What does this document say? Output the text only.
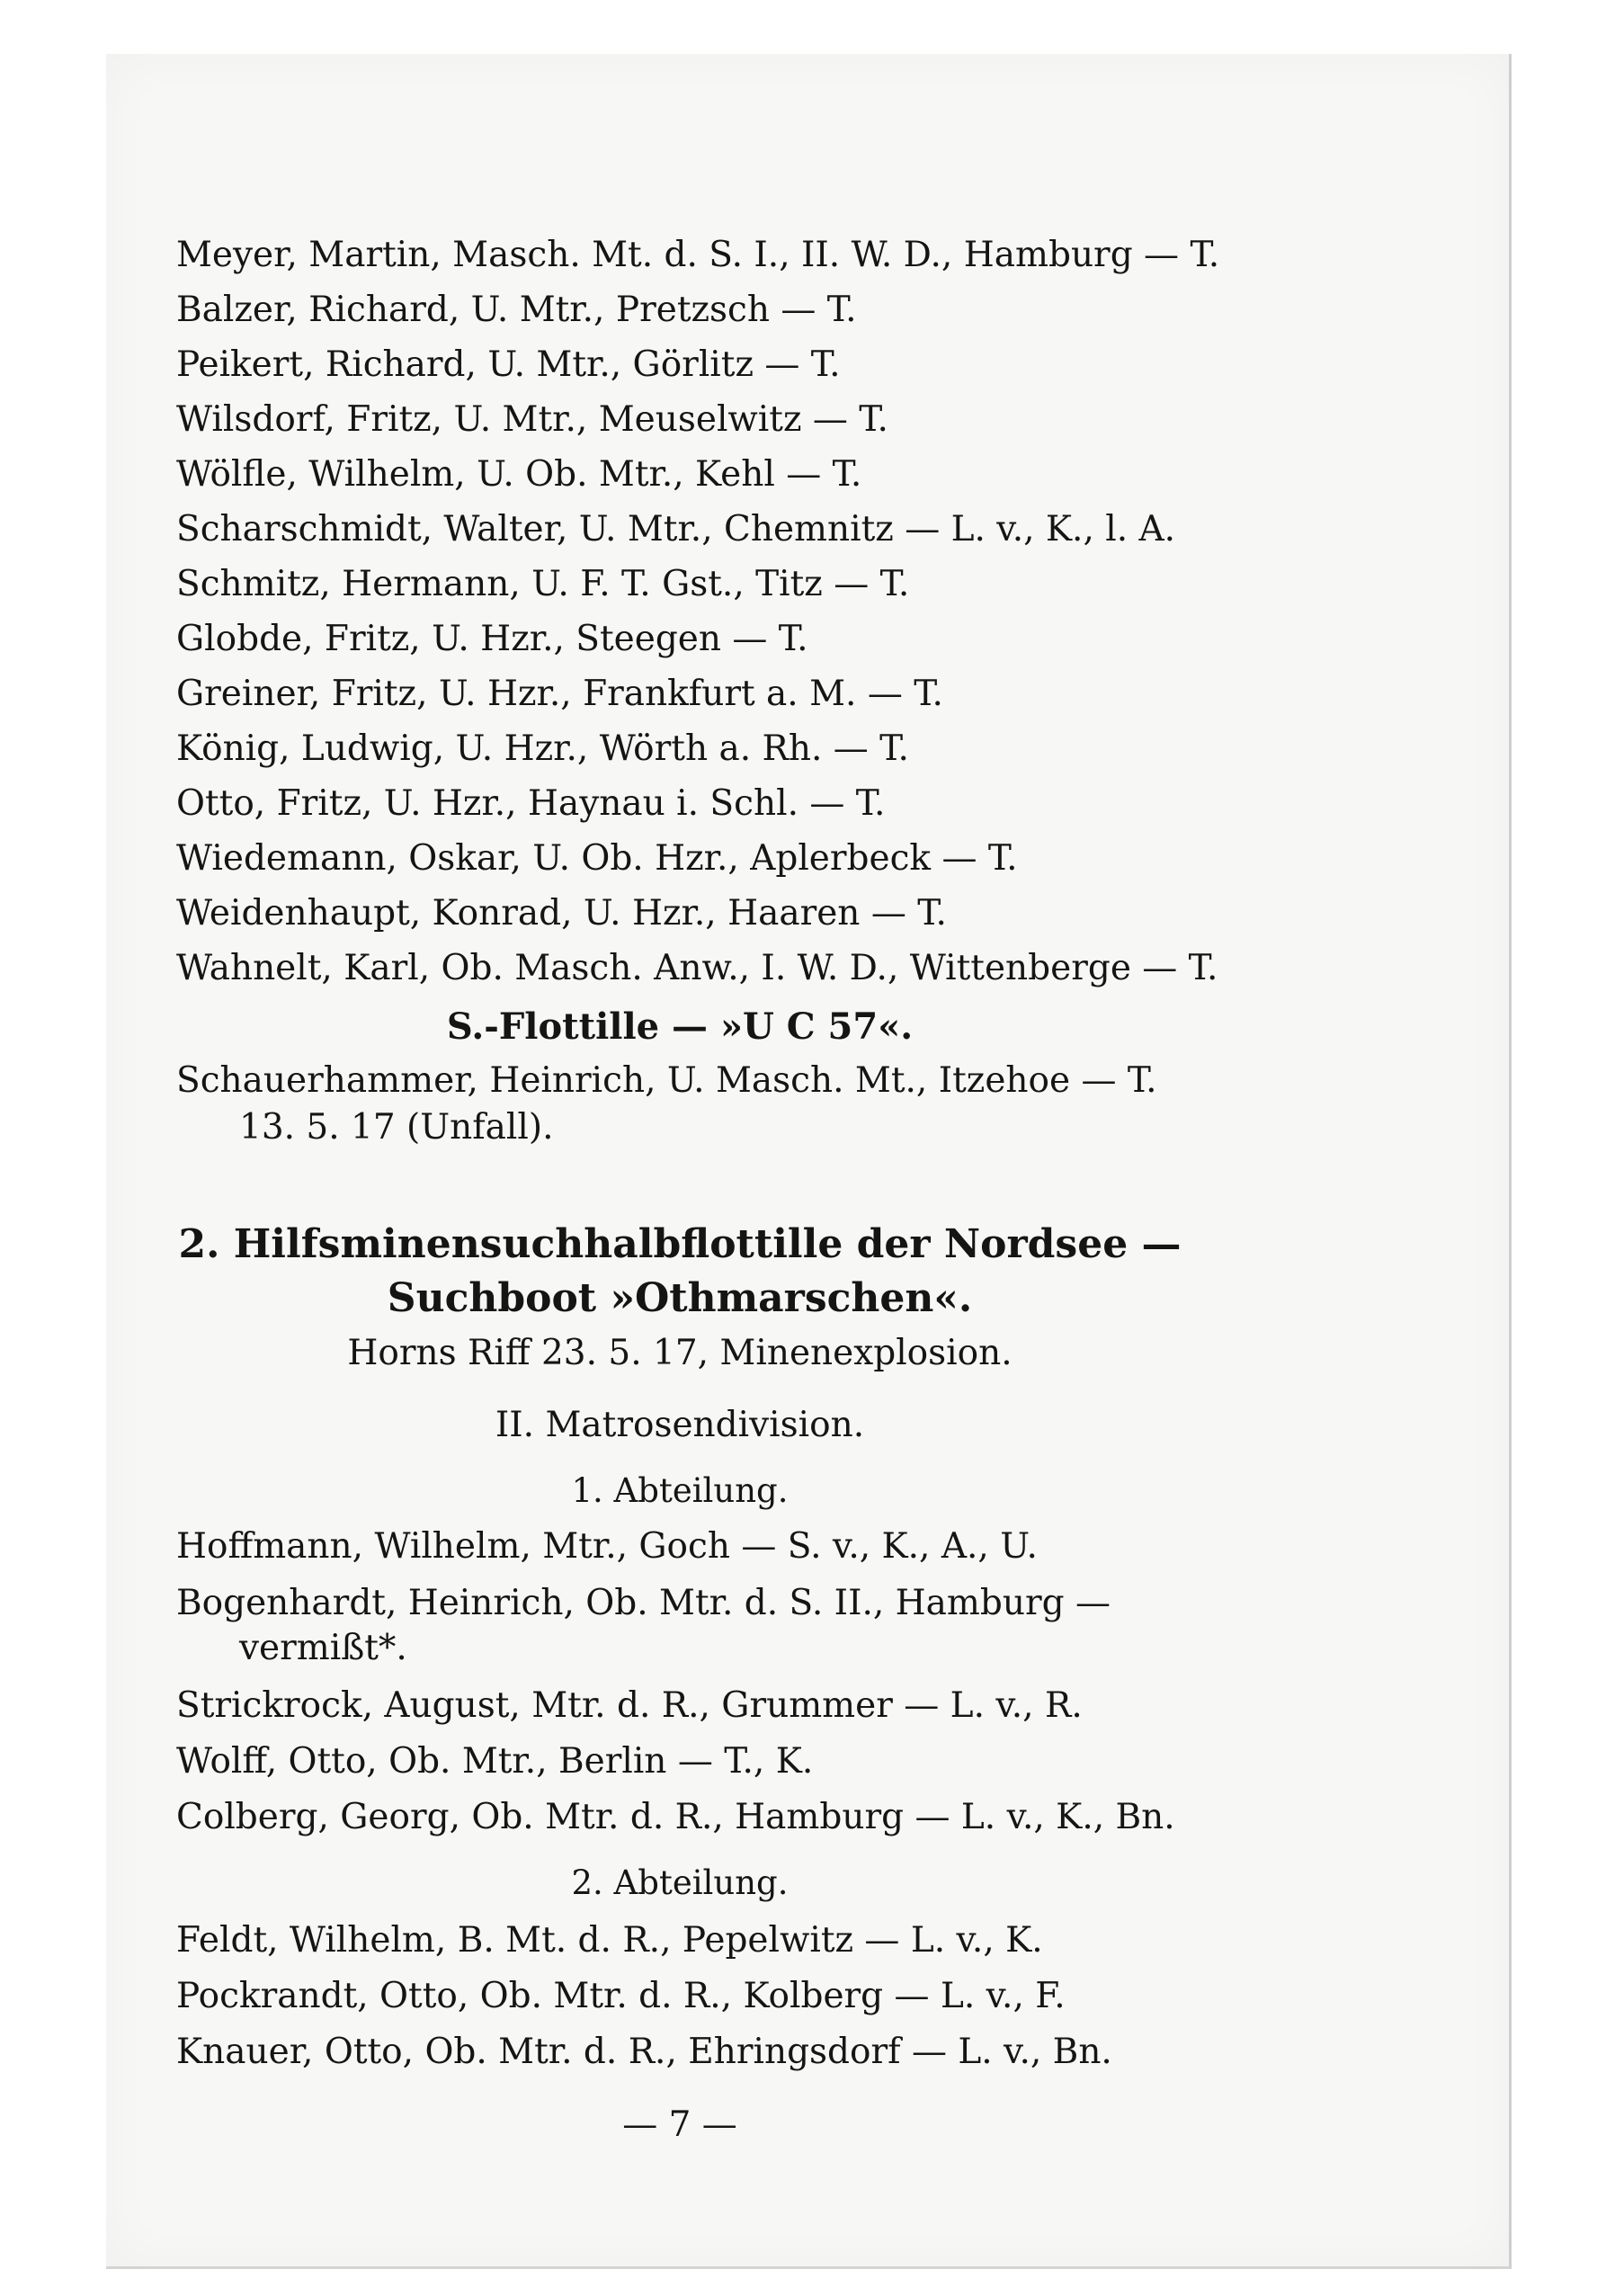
Meyer, Martin, Masch. Mt. d. S. I., II. W. D., Hamburg — T.
Balzer, Richard, U. Mtr., Pretzsch — T.
Peikert, Richard, U. Mtr., Görlitz — T.
Wilsdorf, Fritz, U. Mtr., Meuselwitz — T.
Wölfle, Wilhelm, U. Ob. Mtr., Kehl — T.
Scharschmidt, Walter, U. Mtr., Chemnitz — L. v., K., l. A.
Schmitz, Hermann, U. F. T. Gst., Titz — T.
Globde, Fritz, U. Hzr., Steegen — T.
Greiner, Fritz, U. Hzr., Frankfurt a. M. — T.
König, Ludwig, U. Hzr., Wörth a. Rh. — T.
Otto, Fritz, U. Hzr., Haynau i. Schl. — T.
Wiedemann, Oskar, U. Ob. Hzr., Aplerbeck — T.
Weidenhaupt, Konrad, U. Hzr., Haaren — T.
Wahnelt, Karl, Ob. Masch. Anw., I. W. D., Wittenberge — T.
S.-Flottille — »U C 57«.
Schauerhammer, Heinrich, U. Masch. Mt., Itzehoe — T.
13. 5. 17 (Unfall).
2. Hilfsminensuchhalbflottille der Nordsee —
Suchboot »Othmarschen«.
Horns Riff 23. 5. 17, Minenexplosion.
II. Matrosendivision.
1. Abteilung.
Hoffmann, Wilhelm, Mtr., Goch — S. v., K., A., U.
Bogenhardt, Heinrich, Ob. Mtr. d. S. II., Hamburg —
vermißt*.
Strickrock, August, Mtr. d. R., Grummer — L. v., R.
Wolff, Otto, Ob. Mtr., Berlin — T., K.
Colberg, Georg, Ob. Mtr. d. R., Hamburg — L. v., K., Bn.
2. Abteilung.
Feldt, Wilhelm, B. Mt. d. R., Pepelwitz — L. v., K.
Pockrandt, Otto, Ob. Mtr. d. R., Kolberg — L. v., F.
Knauer, Otto, Ob. Mtr. d. R., Ehringsdorf — L. v., Bn.
— 7 —
